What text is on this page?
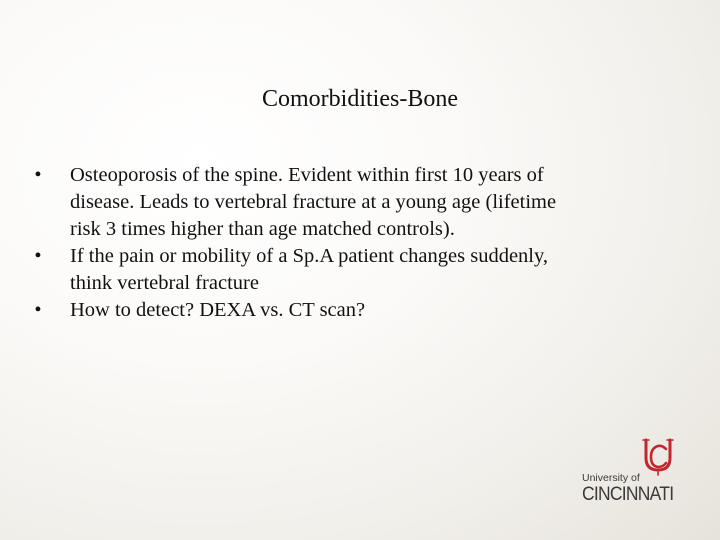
Comorbidities-Bone
• Osteoporosis of the spine. Evident within first 10 years of
disease. Leads to vertebral fracture at a young age (lifetime
risk 3 times higher than age matched controls).
• If the pain or mobility of a Sp.A patient changes suddenly,
think vertebral fracture
• How to detect? DEXA vs. CT scan?
University of
CINCINNATI
